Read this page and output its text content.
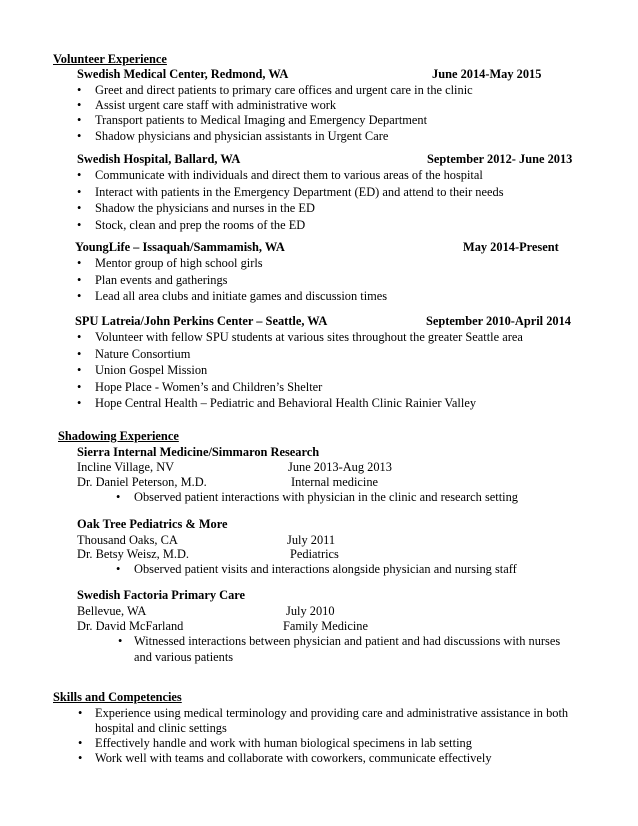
Volunteer Experience
Swedish Medical Center, Redmond, WA	June 2014-May 2015
• Greet and direct patients to primary care offices and urgent care in the clinic
• Assist urgent care staff with administrative work
• Transport patients to Medical Imaging and Emergency Department
• Shadow physicians and physician assistants in Urgent Care
Swedish Hospital, Ballard, WA	September 2012- June 2013
• Communicate with individuals and direct them to various areas of the hospital
• Interact with patients in the Emergency Department (ED) and attend to their needs
• Shadow the physicians and nurses in the ED
• Stock, clean and prep the rooms of the ED
YoungLife – Issaquah/Sammamish, WA	May 2014-Present
• Mentor group of high school girls
• Plan events and gatherings
• Lead all area clubs and initiate games and discussion times
SPU Latreia/John Perkins Center – Seattle, WA	September 2010-April 2014
• Volunteer with fellow SPU students at various sites throughout the greater Seattle area
• Nature Consortium
• Union Gospel Mission
• Hope Place - Women’s and Children’s Shelter
• Hope Central Health – Pediatric and Behavioral Health Clinic Rainier Valley
Shadowing Experience
Sierra Internal Medicine/Simmaron Research
Incline Village, NV	June 2013-Aug 2013
Dr. Daniel Peterson, M.D.	Internal medicine
• Observed patient interactions with physician in the clinic and research setting
Oak Tree Pediatrics & More
Thousand Oaks, CA	July 2011
Dr. Betsy Weisz, M.D.	Pediatrics
• Observed patient visits and interactions alongside physician and nursing staff
Swedish Factoria Primary Care
Bellevue, WA	July 2010
Dr. David McFarland	Family Medicine
• Witnessed interactions between physician and patient and had discussions with nurses
and various patients
Skills and Competencies
• Experience using medical terminology and providing care and administrative assistance in both
hospital and clinic settings
• Effectively handle and work with human biological specimens in lab setting
• Work well with teams and collaborate with coworkers, communicate effectively
